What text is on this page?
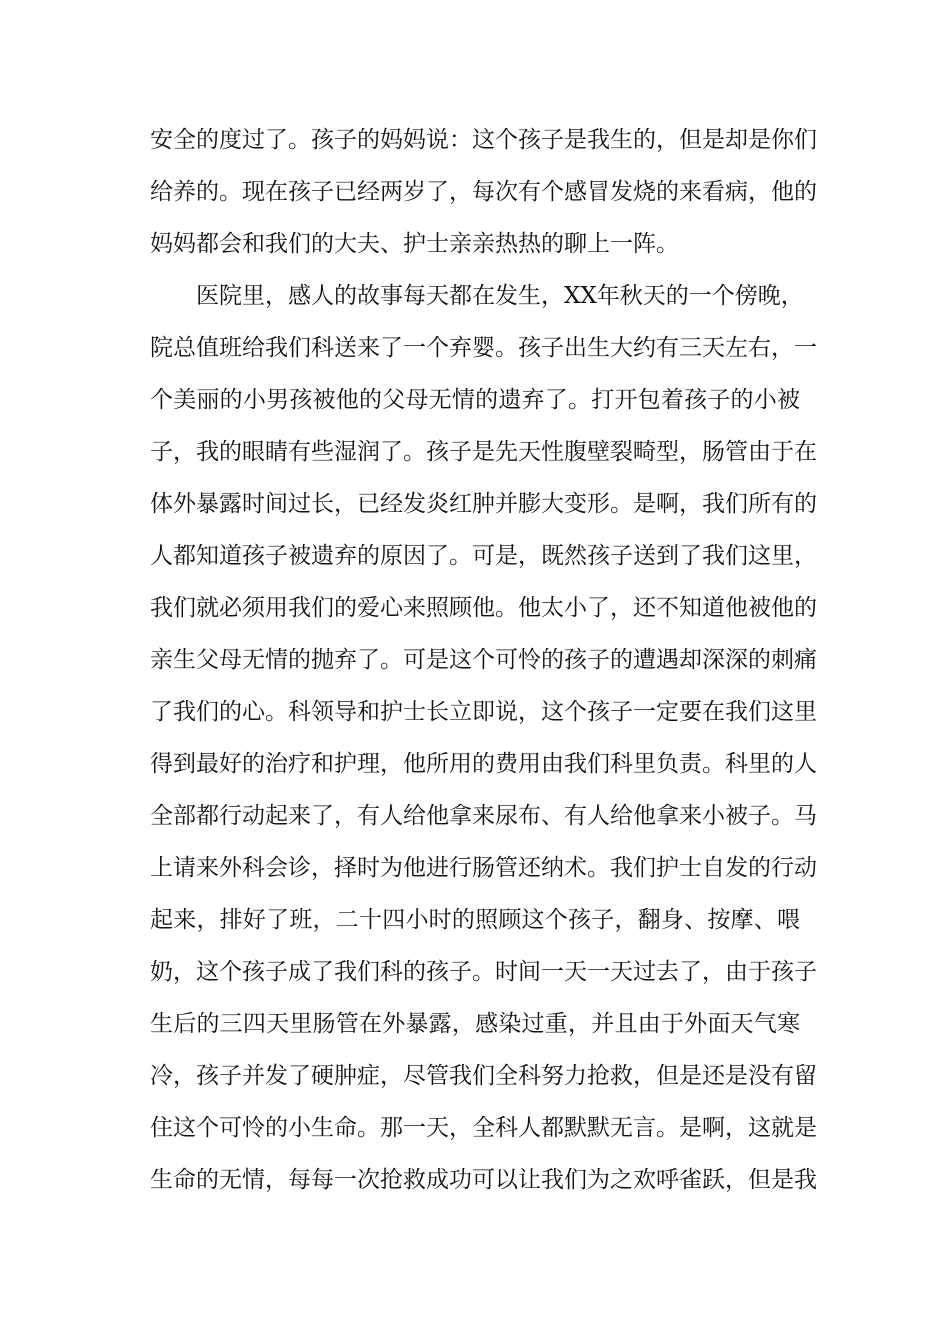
安全的度过了。孩子的妈妈说：这个孩子是我生的，但是却是你们
给养的。现在孩子已经两岁了，每次有个感冒发烧的来看病，他的
妈妈都会和我们的大夫、护士亲亲热热的聊上一阵。
医院里，感人的故事每天都在发生，XX年秋天的一个傍晚，
院总值班给我们科送来了一个弃婴。孩子出生大约有三天左右，一
个美丽的小男孩被他的父母无情的遗弃了。打开包着孩子的小被
子，我的眼睛有些湿润了。孩子是先天性腹壁裂畸型，肠管由于在
体外暴露时间过长，已经发炎红肿并膨大变形。是啊，我们所有的
人都知道孩子被遗弃的原因了。可是，既然孩子送到了我们这里，
我们就必须用我们的爱心来照顾他。他太小了，还不知道他被他的
亲生父母无情的抛弃了。可是这个可怜的孩子的遭遇却深深的刺痛
了我们的心。科领导和护士长立即说，这个孩子一定要在我们这里
得到最好的治疗和护理，他所用的费用由我们科里负责。科里的人
全部都行动起来了，有人给他拿来尿布、有人给他拿来小被子。马
上请来外科会诊，择时为他进行肠管还纳术。我们护士自发的行动
起来，排好了班，二十四小时的照顾这个孩子，翻身、按摩、喂
奶，这个孩子成了我们科的孩子。时间一天一天过去了，由于孩子
生后的三四天里肠管在外暴露，感染过重，并且由于外面天气寒
冷，孩子并发了硬肿症，尽管我们全科努力抢救，但是还是没有留
住这个可怜的小生命。那一天，全科人都默默无言。是啊，这就是
生命的无情，每每一次抢救成功可以让我们为之欢呼雀跃，但是我
